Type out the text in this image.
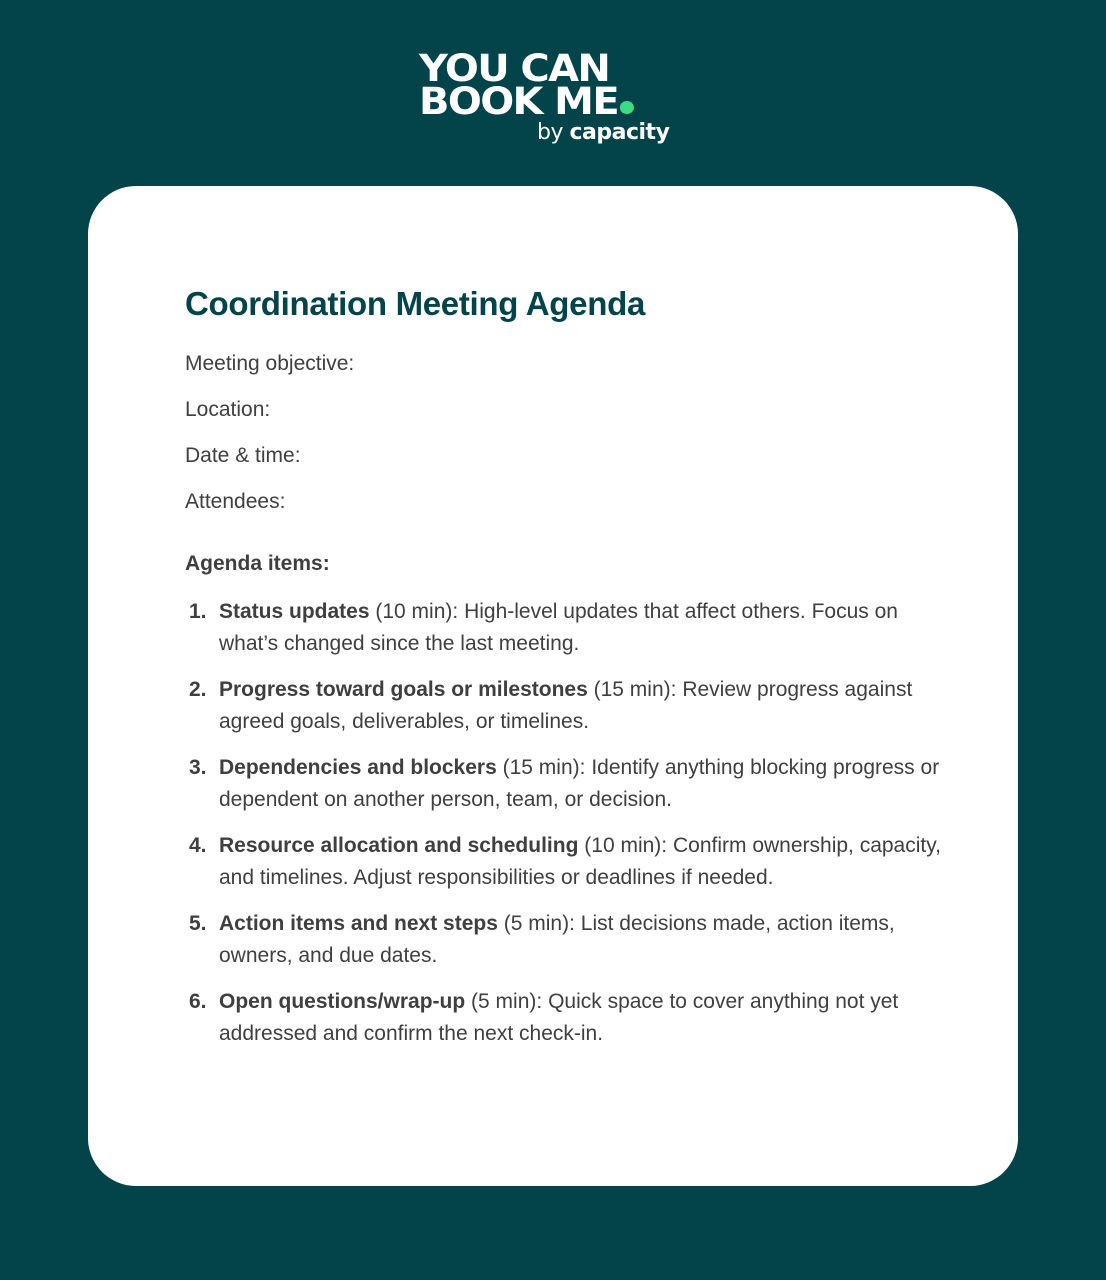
YOU CAN
BOOK ME
by capacity
Coordination Meeting Agenda
Meeting objective:
Location:
Date & time:
Attendees:
Agenda items:
1. Status updates (10 min): High-level updates that affect others. Focus on what’s changed since the last meeting.
2. Progress toward goals or milestones (15 min): Review progress against agreed goals, deliverables, or timelines.
3. Dependencies and blockers (15 min): Identify anything blocking progress or dependent on another person, team, or decision.
4. Resource allocation and scheduling (10 min): Confirm ownership, capacity, and timelines. Adjust responsibilities or deadlines if needed.
5. Action items and next steps (5 min): List decisions made, action items, owners, and due dates.
6. Open questions/wrap-up (5 min): Quick space to cover anything not yet addressed and confirm the next check-in.
